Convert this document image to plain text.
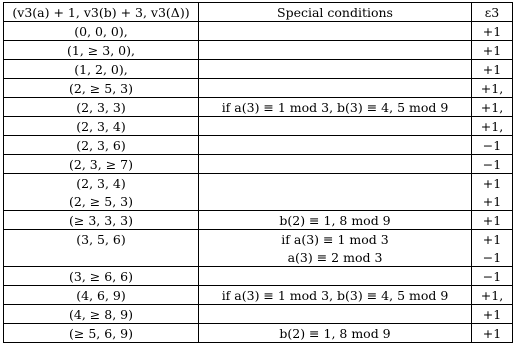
(v3(a) + 1, v3(b) + 3, v3(Δ))	Special conditions	ε3
(0, 0, 0),		+1
(1, ≥ 3, 0),		+1
(1, 2, 0),		+1
(2, ≥ 5, 3)		+1,
(2, 3, 3)	if a(3) ≡ 1 mod 3, b(3) ≡ 4, 5 mod 9	+1,
(2, 3, 4)		+1,
(2, 3, 6)		−1
(2, 3, ≥ 7)		−1
(2, 3, 4)		+1
(2, ≥ 5, 3)		+1
(≥ 3, 3, 3)	b(2) ≡ 1, 8 mod 9	+1
(3, 5, 6)	if a(3) ≡ 1 mod 3	+1
	a(3) ≡ 2 mod 3	−1
(3, ≥ 6, 6)		−1
(4, 6, 9)	if a(3) ≡ 1 mod 3, b(3) ≡ 4, 5 mod 9	+1,
(4, ≥ 8, 9)		+1
(≥ 5, 6, 9)	b(2) ≡ 1, 8 mod 9	+1
